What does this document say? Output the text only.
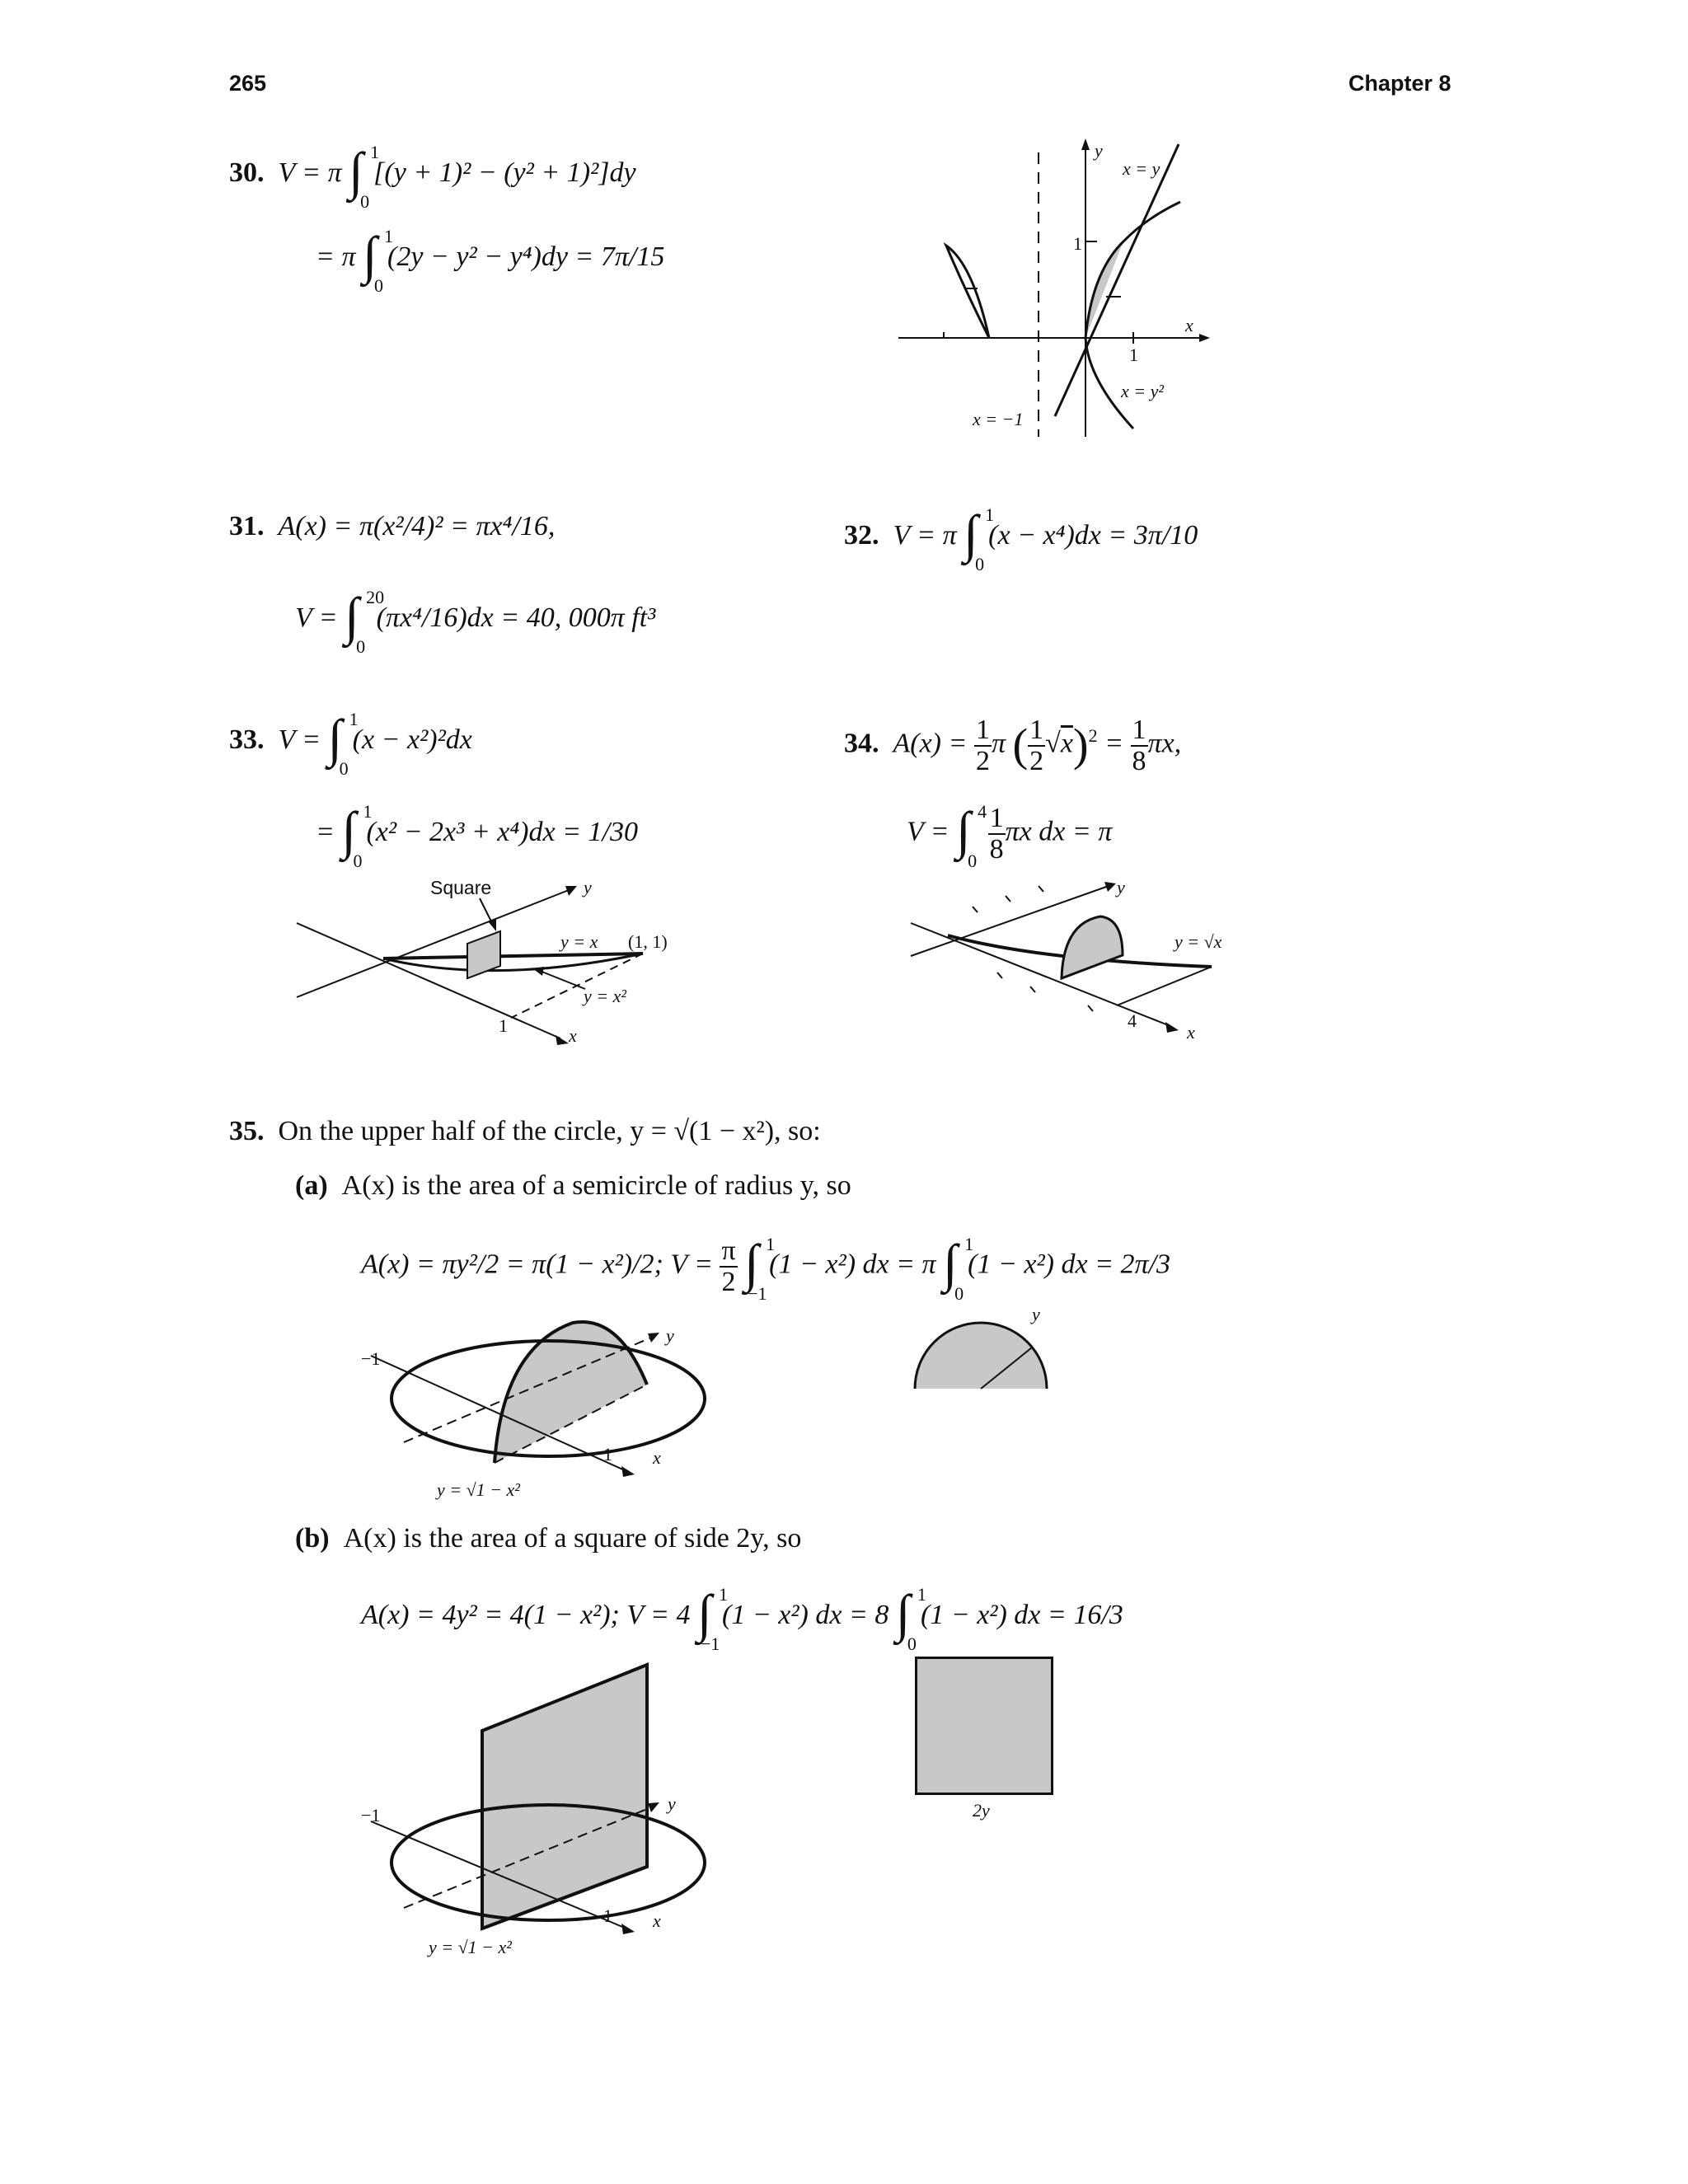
265	Chapter 8
30.  V = π ∫ 1
0
[(y + 1)² − (y² + 1)²]dy
= π ∫ 1
0
(2y − y² − y⁴)dy = 7π/15
y
x = y
1
x
1
x = y²
x = −1
31. A(x) = π(x²/4)² = πx⁴/16,
V = ∫ 20
0
(πx⁴/16)dx = 40, 000π ft³
32.  V = π ∫ 1
0
(x − x⁴)dx = 3π/10
33.  V = ∫ 1
0
(x − x²)²dx
= ∫ 1
0
(x² − 2x³ + x⁴)dx = 1/30
Square	y
y = x (1, 1)
y = x²
1	x
34.  $A(x) = \frac{1}{2}$ π ( $\frac{1}{2} √x)^2 = \frac{1}{8} \pi x$,
V = ∫ 4
0
$\frac{1}{8}$ πx dx = π
y
y = √x
4
x
35. On the upper half of the circle, y = √(1 − x²), so:
(a) A(x) is the area of a semicircle of radius y, so
A(x) = πy²/2 = π(1 − x²)/2; $V = \frac{\pi}{2}$ ∫ 1
−1
(1 − x²) dx = π ∫ 1
0
(1 − x²) dx = 2π/3
−1
y
1 x
y = √1 − x²
y
(b) A(x) is the area of a square of side 2y, so
A(x) = 4y² = 4(1 − x²); V = 4 ∫ 1
−1
(1 − x²) dx = 8 ∫ 1
0
(1 − x²) dx = 16/3
−1
y
1 x
y = √1 − x²
2y
